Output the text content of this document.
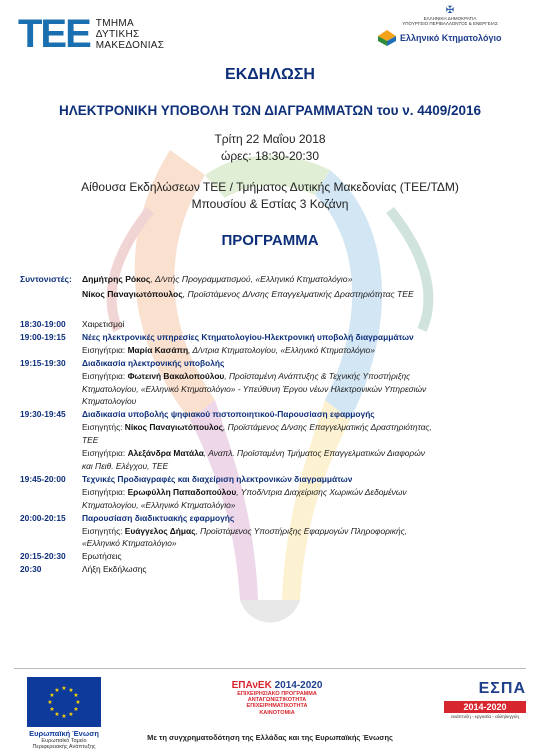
ΤΕΕ ΤΜΗΜΑ
ΔΥΤΙΚΗΣ
ΜΑΚΕΔΟΝΙΑΣ
✠
ΕΛΛΗΝΙΚΗ ΔΗΜΟΚΡΑΤΙΑ
ΥΠΟΥΡΓΕΙΟ ΠΕΡΙΒΑΛΛΟΝΤΟΣ & ΕΝΕΡΓΕΙΑΣ
Ελληνικό Κτηματολόγιο
ΕΚΔΗΛΩΣΗ
ΗΛΕΚΤΡΟΝΙΚΗ ΥΠΟΒΟΛΗ ΤΩΝ ΔΙΑΓΡΑΜΜΑΤΩΝ του ν. 4409/2016
Τρίτη 22 Μαΐου 2018
ώρες: 18:30-20:30
Αίθουσα Εκδηλώσεων ΤΕΕ / Τμήματος Δυτικής Μακεδονίας (ΤΕΕ/ΤΔΜ)
Μπουσίου & Εστίας 3 Κοζάνη
ΠΡΟΓΡΑΜΜΑ
Συντονιστές:	Δημήτρης Ρόκος , Δ/ντής Προγραμματισμού, «Ελληνικό Κτηματολόγιο»
Νίκος Παναγιωτόπουλος , Προϊστάμενος Δ/νσης Επαγγελματικής Δραστηριότητας ΤΕΕ
18:30-19:00	Χαιρετισμοί
19:00-19:15	Νέες ηλεκτρονικές υπηρεσίες Κτηματολογίου-Ηλεκτρονική υποβολή διαγραμμάτων
Εισηγήτρια: Μαρία Κασάπη, Δ/ντρια Κτηματολογίου, «Ελληνικό Κτηματολόγιο»
19:15-19:30	Διαδικασία ηλεκτρονικής υποβολής
Εισηγήτρια: Φωτεινή Βακαλοπούλου, Προϊσταμένη Ανάπτυξης & Τεχνικής Υποστήριξης
Κτηματολογίου, «Ελληνικό Κτηματολόγιο» - Υπεύθυνη Έργου νέων Ηλεκτρονικών Υπηρεσιών
Κτηματολογίου
19:30-19:45	Διαδικασία υποβολής ψηφιακού πιστοποιητικού-Παρουσίαση εφαρμογής
Εισηγητής: Νίκος Παναγιωτόπουλος, Προϊστάμενος Δ/νσης Επαγγελματικής Δραστηριότητας,
ΤΕΕ
Εισηγήτρια: Αλεξάνδρα Ματάλα, Αναπλ. Προϊσταμένη Τμήματος Επαγγελματικών Διαφορών
και Πειθ. Ελέγχου, ΤΕΕ
19:45-20:00	Τεχνικές Προδιαγραφές και διαχείριση ηλεκτρονικών διαγραμμάτων
Εισηγήτρια: Ερωφύλλη Παπαδοπούλου, Υποδ/ντρια Διαχείρισης Χωρικών Δεδομένων
Κτηματολογίου, «Ελληνικό Κτηματολόγιο»
20:00-20:15	Παρουσίαση διαδικτυακής εφαρμογής
Εισηγητής: Ευάγγελος Δήμας, Προϊστάμενος Υποστήριξης Εφαρμογών Πληροφορικής,
«Ελληνικό Κτηματολόγιο»
20:15-20:30	Ερωτήσεις
20:30	Λήξη Εκδήλωσης
★ ★
★
★
★
★
★
★
★
★
★
★
Ευρωπαϊκή Ένωση
Ευρωπαϊκό Ταμείο
Περιφερειακής Ανάπτυξης
ΕΠΑνΕΚ 2014-2020
ΕΠΙΧΕΙΡΗΣΙΑΚΟ ΠΡΟΓΡΑΜΜΑ
ΑΝΤΑΓΩΝΙΣΤΙΚΟΤΗΤΑ
ΕΠΙΧΕΙΡΗΜΑΤΙΚΟΤΗΤΑ
ΚΑΙΝΟΤΟΜΙΑ
ΕΣΠΑ
2014-2020
ανάπτυξη - εργασία - αλληλεγγύη
Με τη συγχρηματοδότηση της Ελλάδας και της Ευρωπαϊκής Ένωσης
